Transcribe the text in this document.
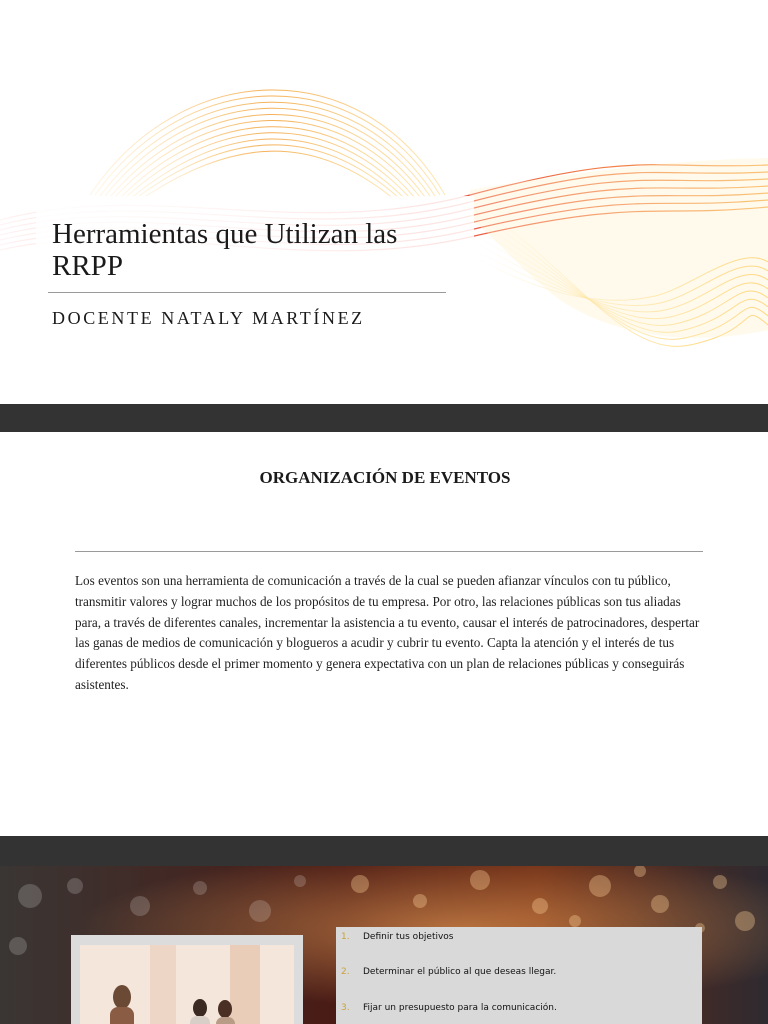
Herramientas que Utilizan las RRPP

DOCENTE NATALY MARTÍNEZ

ORGANIZACIÓN DE EVENTOS

Los eventos son una herramienta de comunicación a través de la cual se pueden afianzar vínculos con tu público, transmitir valores y lograr muchos de los propósitos de tu empresa. Por otro, las relaciones públicas son tus aliadas para, a través de diferentes canales, incrementar la asistencia a tu evento, causar el interés de patrocinadores, despertar las ganas de medios de comunicación y blogueros a acudir y cubrir tu evento. Capta la atención y el interés de tus diferentes públicos desde el primer momento y genera expectativa con un plan de relaciones públicas y conseguirás asistentes.

1. Definir tus objetivos
2. Determinar el público al que deseas llegar.
3. Fijar un presupuesto para la comunicación.
